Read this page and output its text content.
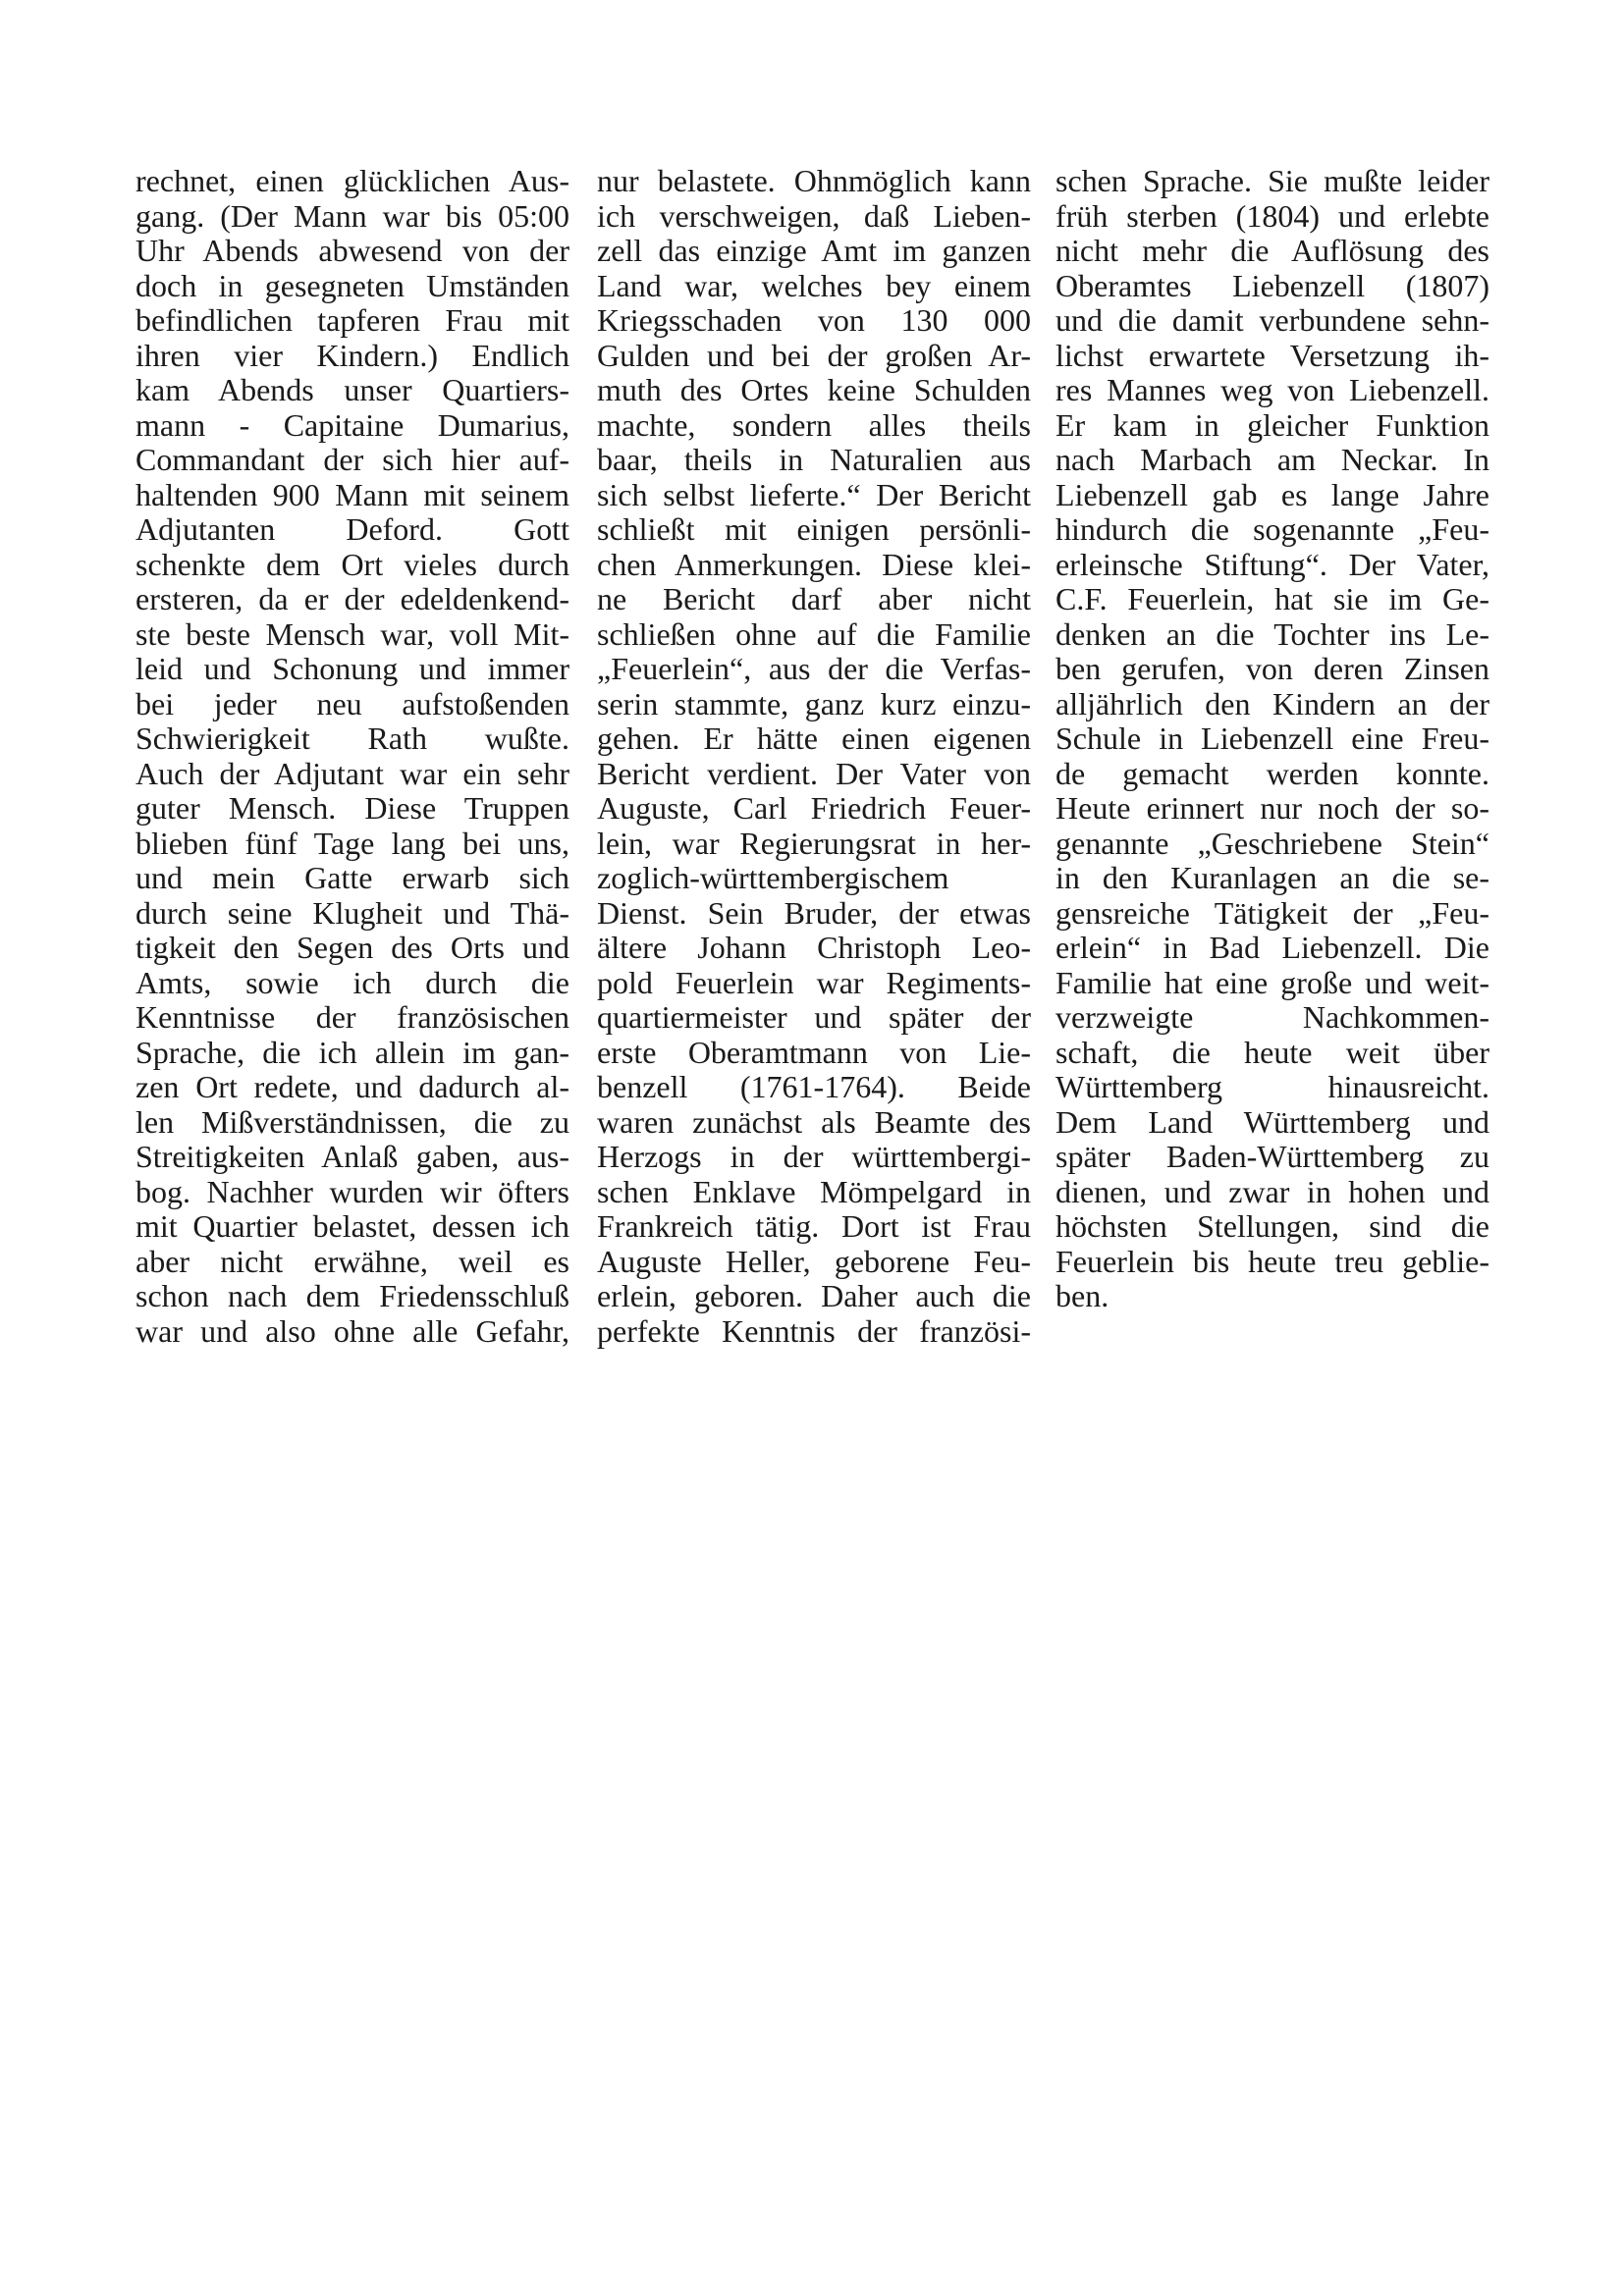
rechnet, einen glücklichen Aus-
gang. (Der Mann war bis 05:00
Uhr Abends abwesend von der
doch in gesegneten Umständen
befindlichen tapferen Frau mit
ihren vier Kindern.) Endlich
kam Abends unser Quartiers-
mann - Capitaine Dumarius,
Commandant der sich hier auf-
haltenden 900 Mann mit seinem
Adjutanten Deford. Gott
schenkte dem Ort vieles durch
ersteren, da er der edeldenkend-
ste beste Mensch war, voll Mit-
leid und Schonung und immer
bei jeder neu aufstoßenden
Schwierigkeit Rath wußte.
Auch der Adjutant war ein sehr
guter Mensch. Diese Truppen
blieben fünf Tage lang bei uns,
und mein Gatte erwarb sich
durch seine Klugheit und Thä-
tigkeit den Segen des Orts und
Amts, sowie ich durch die
Kenntnisse der französischen
Sprache, die ich allein im gan-
zen Ort redete, und dadurch al-
len Mißverständnissen, die zu
Streitigkeiten Anlaß gaben, aus-
bog. Nachher wurden wir öfters
mit Quartier belastet, dessen ich
aber nicht erwähne, weil es
schon nach dem Friedensschluß
war und also ohne alle Gefahr,
nur belastete. Ohnmöglich kann
ich verschweigen, daß Lieben-
zell das einzige Amt im ganzen
Land war, welches bey einem
Kriegsschaden von 130 000
Gulden und bei der großen Ar-
muth des Ortes keine Schulden
machte, sondern alles theils
baar, theils in Naturalien aus
sich selbst lieferte.“ Der Bericht
schließt mit einigen persönli-
chen Anmerkungen. Diese klei-
ne Bericht darf aber nicht
schließen ohne auf die Familie
„Feuerlein“, aus der die Verfas-
serin stammte, ganz kurz einzu-
gehen. Er hätte einen eigenen
Bericht verdient. Der Vater von
Auguste, Carl Friedrich Feuer-
lein, war Regierungsrat in her-
zoglich-württembergischem
Dienst. Sein Bruder, der etwas
ältere Johann Christoph Leo-
pold Feuerlein war Regiments-
quartiermeister und später der
erste Oberamtmann von Lie-
benzell (1761-1764). Beide
waren zunächst als Beamte des
Herzogs in der württembergi-
schen Enklave Mömpelgard in
Frankreich tätig. Dort ist Frau
Auguste Heller, geborene Feu-
erlein, geboren. Daher auch die
perfekte Kenntnis der französi-
schen Sprache. Sie mußte leider
früh sterben (1804) und erlebte
nicht mehr die Auflösung des
Oberamtes Liebenzell (1807)
und die damit verbundene sehn-
lichst erwartete Versetzung ih-
res Mannes weg von Liebenzell.
Er kam in gleicher Funktion
nach Marbach am Neckar. In
Liebenzell gab es lange Jahre
hindurch die sogenannte „Feu-
erleinsche Stiftung“. Der Vater,
C.F. Feuerlein, hat sie im Ge-
denken an die Tochter ins Le-
ben gerufen, von deren Zinsen
alljährlich den Kindern an der
Schule in Liebenzell eine Freu-
de gemacht werden konnte.
Heute erinnert nur noch der so-
genannte „Geschriebene Stein“
in den Kuranlagen an die se-
gensreiche Tätigkeit der „Feu-
erlein“ in Bad Liebenzell. Die
Familie hat eine große und weit-
verzweigte Nachkommen-
schaft, die heute weit über
Württemberg hinausreicht.
Dem Land Württemberg und
später Baden-Württemberg zu
dienen, und zwar in hohen und
höchsten Stellungen, sind die
Feuerlein bis heute treu geblie-
ben.
